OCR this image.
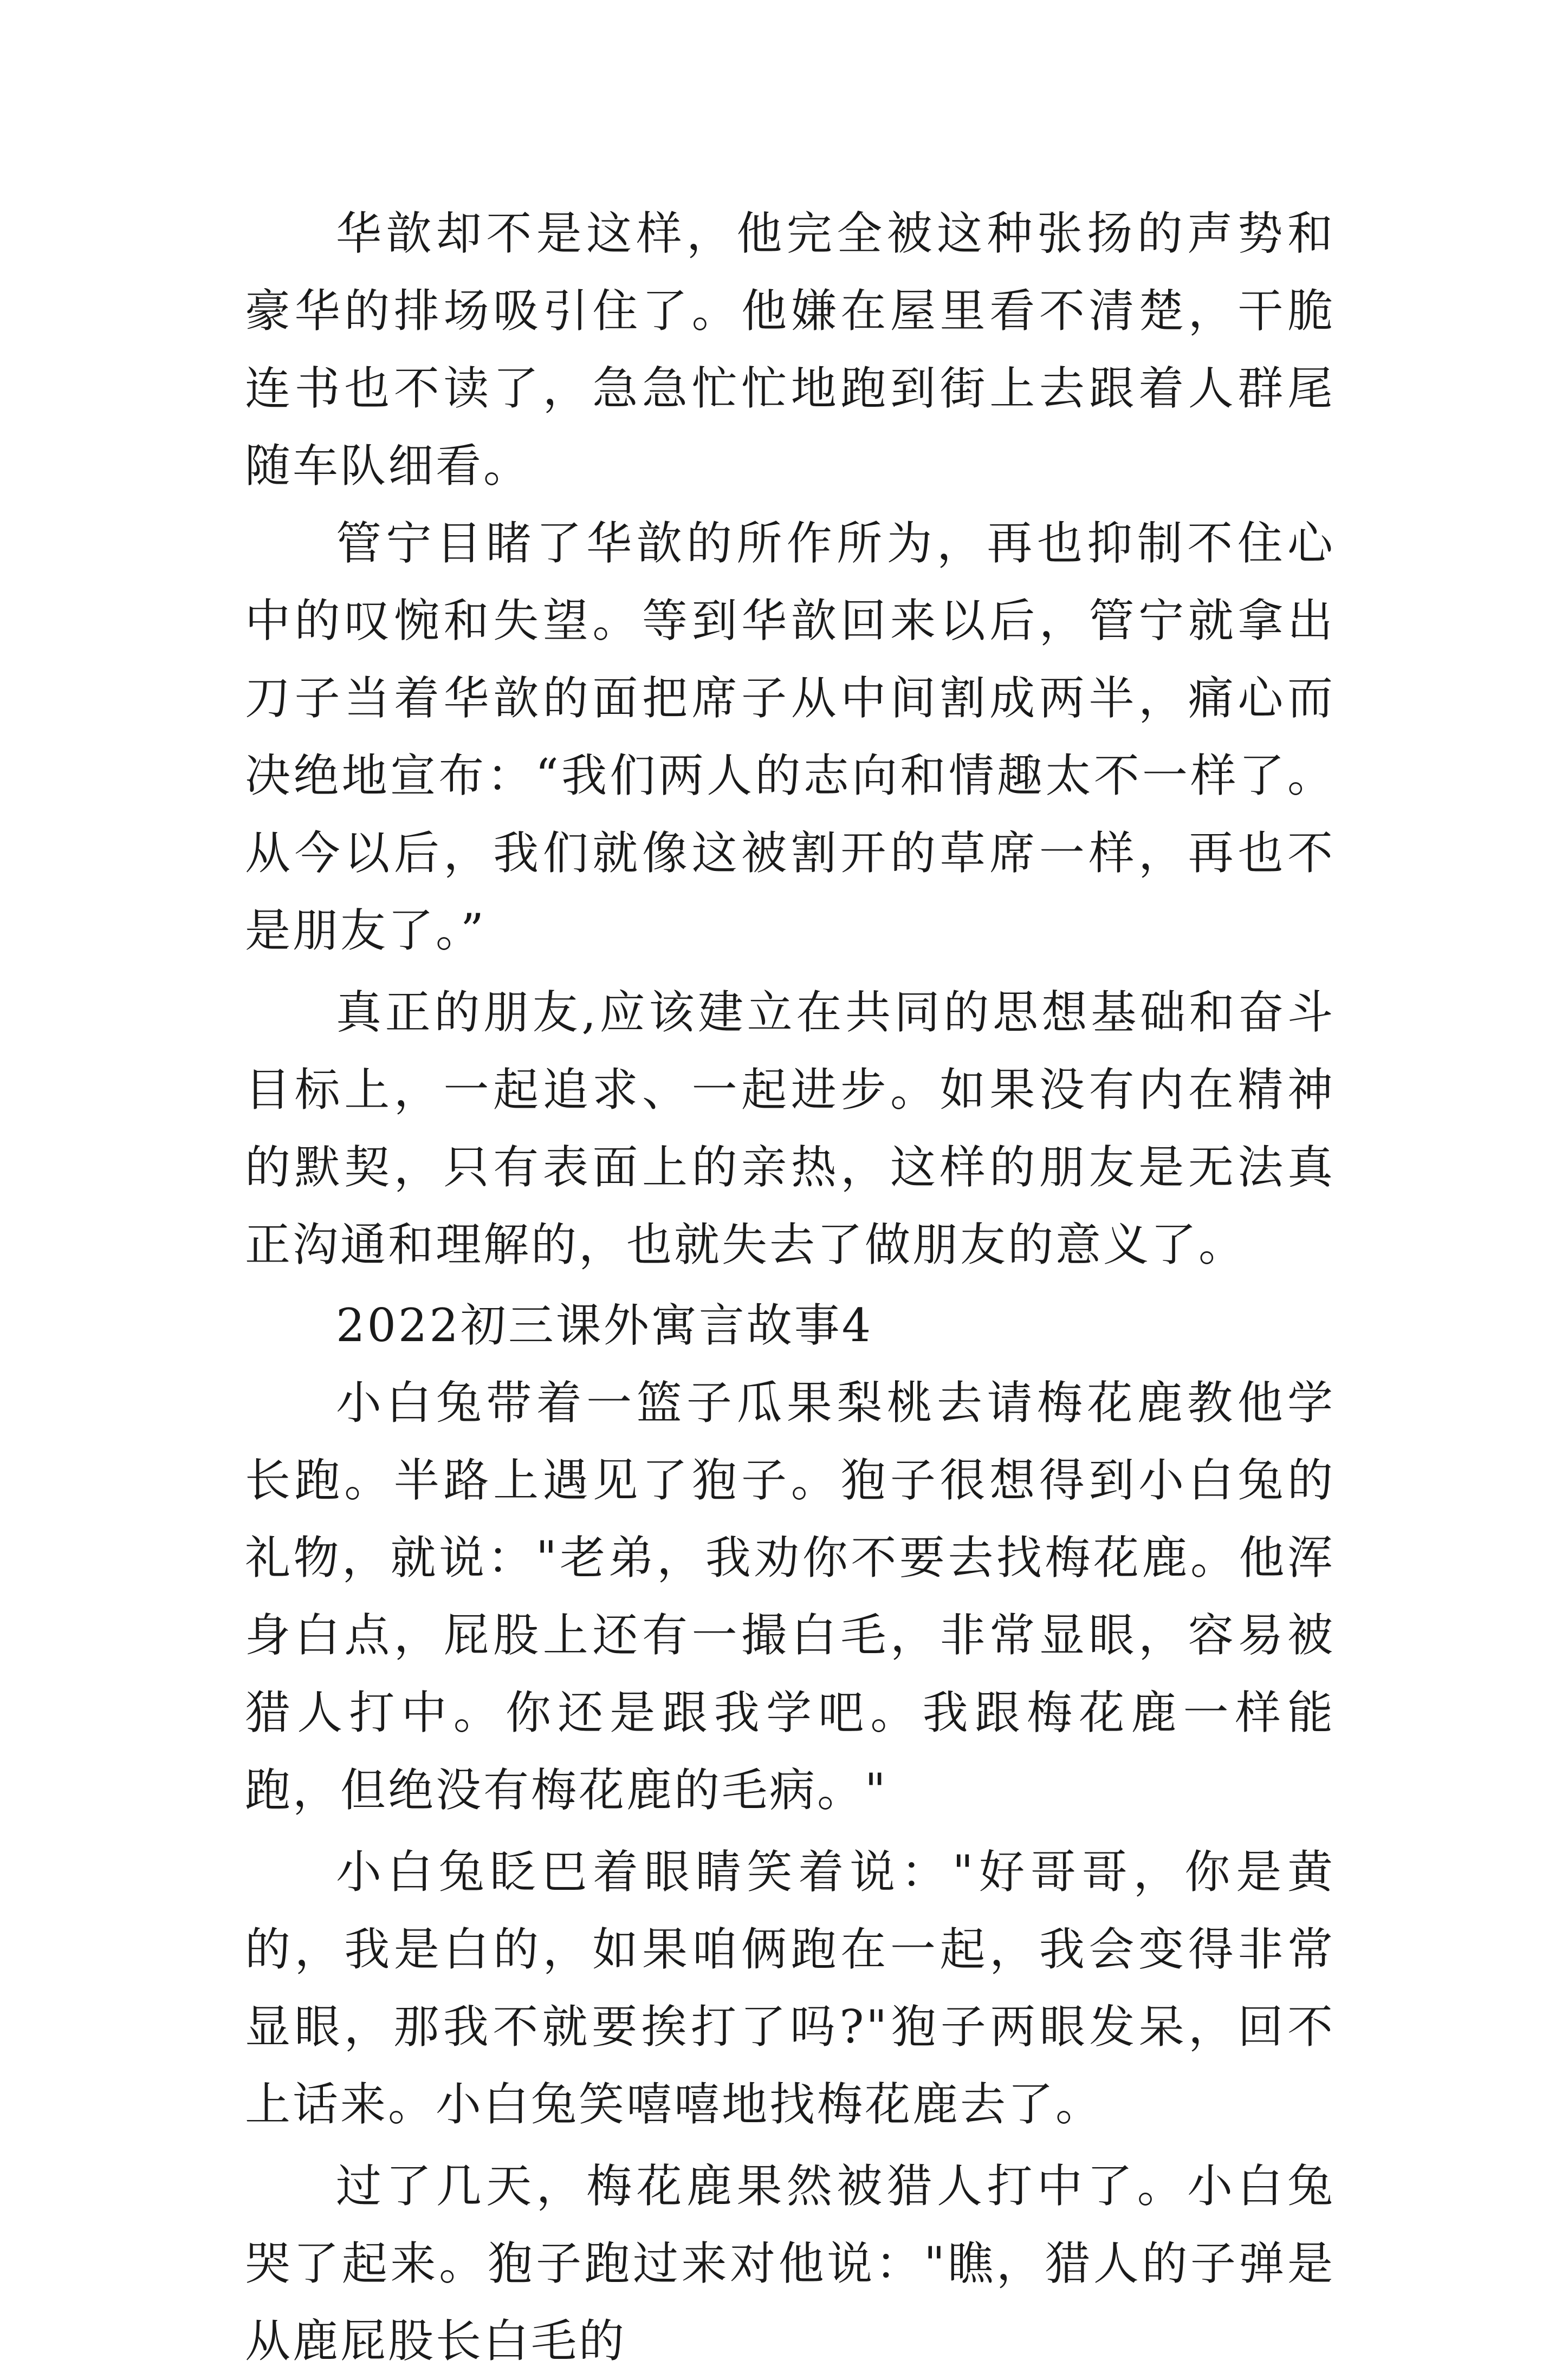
华歆却不是这样，他完全被这种张扬的声势和豪华的排场吸引住了。他嫌在屋里看不清楚，干脆连书也不读了，急急忙忙地跑到街上去跟着人群尾随车队细看。

管宁目睹了华歆的所作所为，再也抑制不住心中的叹惋和失望。等到华歆回来以后，管宁就拿出刀子当着华歆的面把席子从中间割成两半，痛心而决绝地宣布：“我们两人的志向和情趣太不一样了。从今以后，我们就像这被割开的草席一样，再也不是朋友了。”

真正的朋友,应该建立在共同的思想基础和奋斗目标上，一起追求、一起进步。如果没有内在精神的默契，只有表面上的亲热，这样的朋友是无法真正沟通和理解的，也就失去了做朋友的意义了。

2022初三课外寓言故事4

小白兔带着一篮子瓜果梨桃去请梅花鹿教他学长跑。半路上遇见了狍子。狍子很想得到小白兔的礼物，就说："老弟，我劝你不要去找梅花鹿。他浑身白点，屁股上还有一撮白毛，非常显眼，容易被猎人打中。你还是跟我学吧。我跟梅花鹿一样能跑，但绝没有梅花鹿的毛病。"

小白兔眨巴着眼睛笑着说："好哥哥，你是黄的，我是白的，如果咱俩跑在一起，我会变得非常显眼，那我不就要挨打了吗?"狍子两眼发呆，回不上话来。小白兔笑嘻嘻地找梅花鹿去了。

过了几天，梅花鹿果然被猎人打中了。小白兔哭了起来。狍子跑过来对他说："瞧，猎人的子弹是从鹿屁股长白毛的
